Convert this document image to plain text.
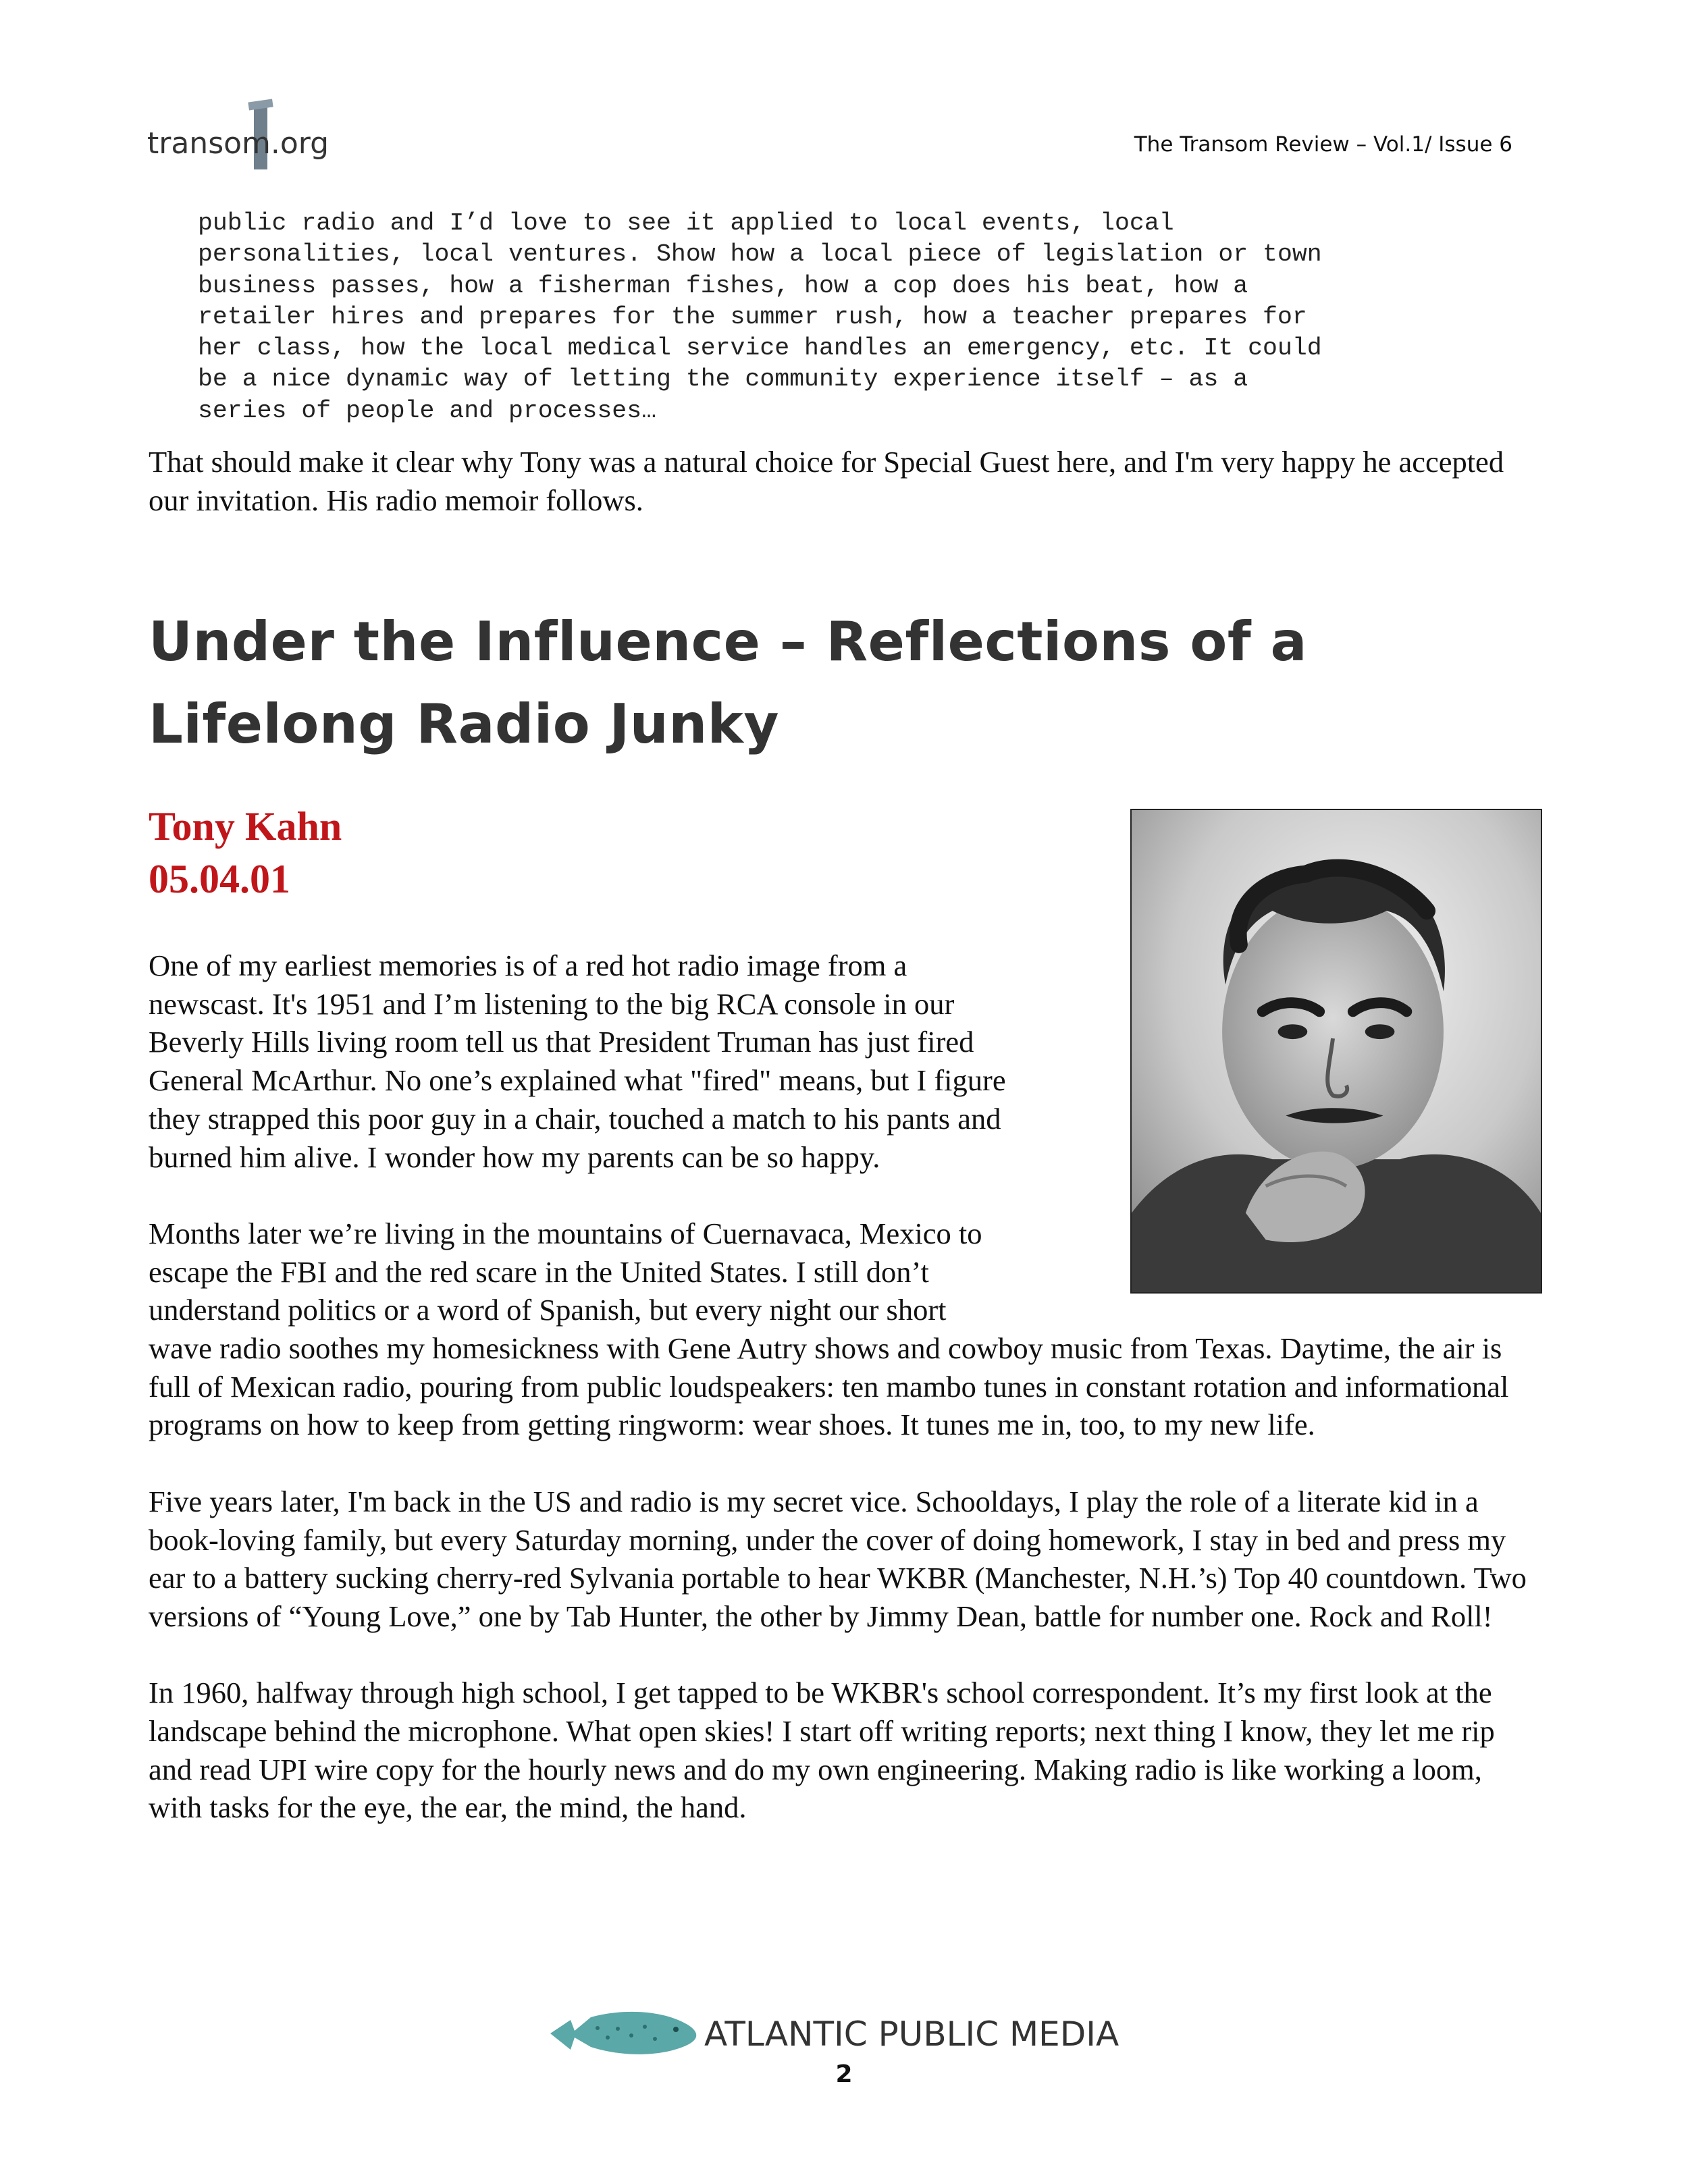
transom.org	The Transom Review – Vol.1/ Issue 6

public radio and I’d love to see it applied to local events, local

personalities, local ventures. Show how a local piece of legislation or town

business passes, how a fisherman fishes, how a cop does his beat, how a

retailer hires and prepares for the summer rush, how a teacher prepares for

her class, how the local medical service handles an emergency, etc. It could

be a nice dynamic way of letting the community experience itself – as a

series of people and processes…

That should make it clear why Tony was a natural choice for Special Guest here, and I'm very happy he accepted our invitation. His radio memoir follows.

Under the Influence – Reflections of a
Lifelong Radio Junky
Tony Kahn
05.04.01

One of my earliest memories is of a red hot radio image from a
newscast. It's 1951 and I’m listening to the big RCA console in our
Beverly Hills living room tell us that President Truman has just fired
General McArthur. No one’s explained what "fired" means, but I figure
they strapped this poor guy in a chair, touched a match to his pants and
burned him alive. I wonder how my parents can be so happy.

Months later we’re living in the mountains of Cuernavaca, Mexico to
escape the FBI and the red scare in the United States. I still don’t
understand politics or a word of Spanish, but every night our short
wave radio soothes my homesickness with Gene Autry shows and cowboy music from Texas. Daytime, the air is full of Mexican radio, pouring from public loudspeakers: ten mambo tunes in constant rotation and informational programs on how to keep from getting ringworm: wear shoes. It tunes me in, too, to my new life.

Five years later, I'm back in the US and radio is my secret vice. Schooldays, I play the role of a literate kid in a book-loving family, but every Saturday morning, under the cover of doing homework, I stay in bed and press my ear to a battery sucking cherry-red Sylvania portable to hear WKBR (Manchester, N.H.’s) Top 40 countdown. Two versions of “Young Love,” one by Tab Hunter, the other by Jimmy Dean, battle for number one. Rock and Roll!

In 1960, halfway through high school, I get tapped to be WKBR's school correspondent. It’s my first look at the landscape behind the microphone. What open skies! I start off writing reports; next thing I know, they let me rip and read UPI wire copy for the hourly news and do my own engineering. Making radio is like working a loom, with tasks for the eye, the ear, the mind, the hand.

ATLANTIC PUBLIC MEDIA
2
